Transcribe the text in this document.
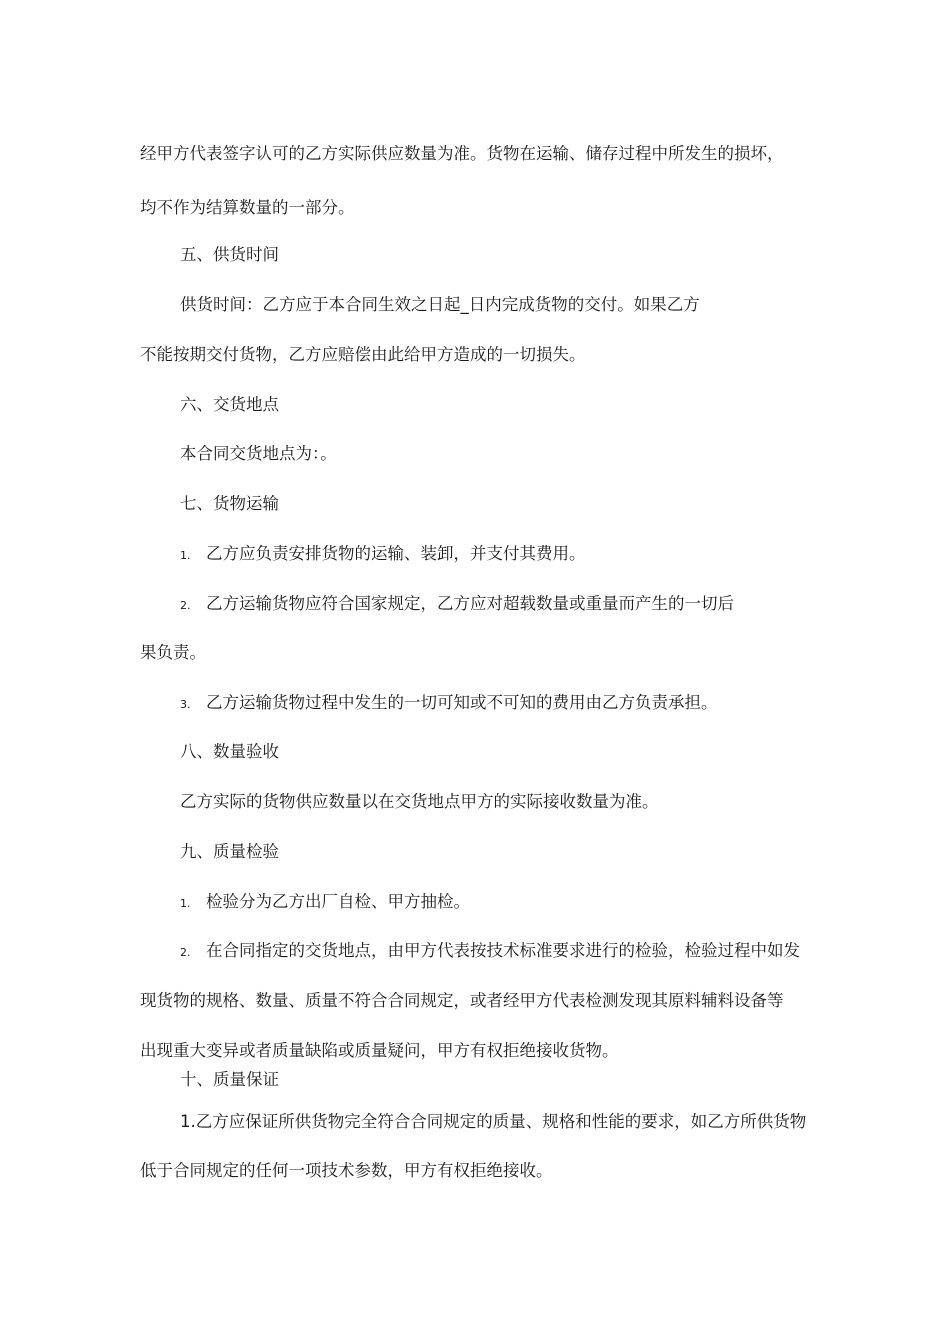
经甲方代表签字认可的乙方实际供应数量为准。货物在运输、储存过程中所发生的损坏，
均不作为结算数量的一部分。
五、供货时间
供货时间：乙方应于本合同生效之日起_日内完成货物的交付。如果乙方
不能按期交付货物，乙方应赔偿由此给甲方造成的一切损失。
六、交货地点
本合同交货地点为：。
七、货物运输
1. 乙方应负责安排货物的运输、装卸，并支付其费用。
2. 乙方运输货物应符合国家规定，乙方应对超载数量或重量而产生的一切后
果负责。
3. 乙方运输货物过程中发生的一切可知或不可知的费用由乙方负责承担。
八、数量验收
乙方实际的货物供应数量以在交货地点甲方的实际接收数量为准。
九、质量检验
1. 检验分为乙方出厂自检、甲方抽检。
2. 在合同指定的交货地点，由甲方代表按技术标准要求进行的检验，检验过程中如发
现货物的规格、数量、质量不符合合同规定，或者经甲方代表检测发现其原料辅料设备等
出现重大变异或者质量缺陷或质量疑问，甲方有权拒绝接收货物。
十、质量保证
1.乙方应保证所供货物完全符合合同规定的质量、规格和性能的要求，如乙方所供货物
低于合同规定的任何一项技术参数，甲方有权拒绝接收。
